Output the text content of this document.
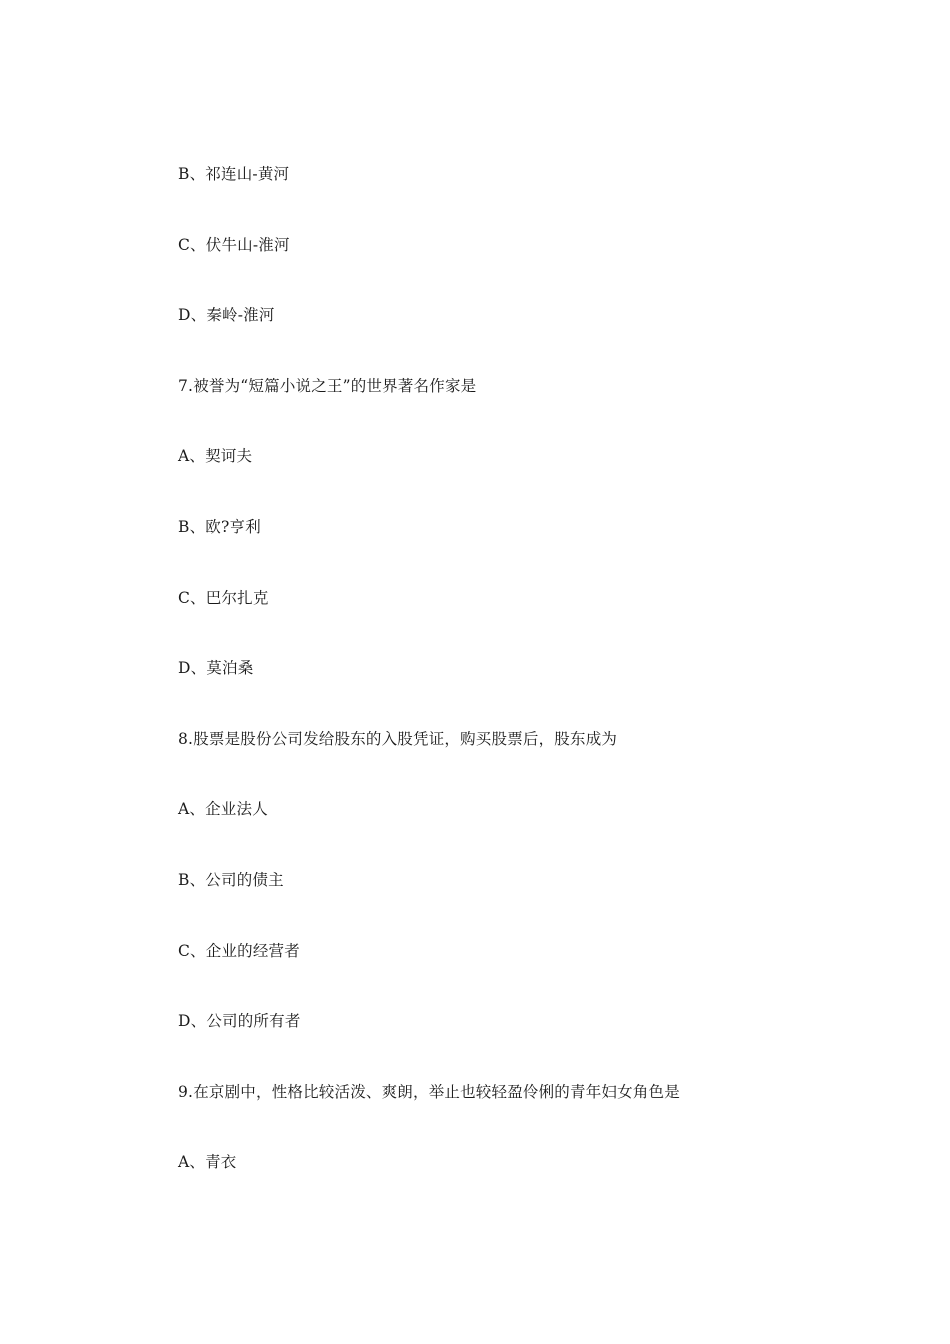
B、祁连山-黄河
C、伏牛山-淮河
D、秦岭-淮河
7.被誉为“短篇小说之王”的世界著名作家是
A、契诃夫
B、欧?亨利
C、巴尔扎克
D、莫泊桑
8.股票是股份公司发给股东的入股凭证，购买股票后，股东成为
A、企业法人
B、公司的债主
C、企业的经营者
D、公司的所有者
9.在京剧中，性格比较活泼、爽朗，举止也较轻盈伶俐的青年妇女角色是
A、青衣
